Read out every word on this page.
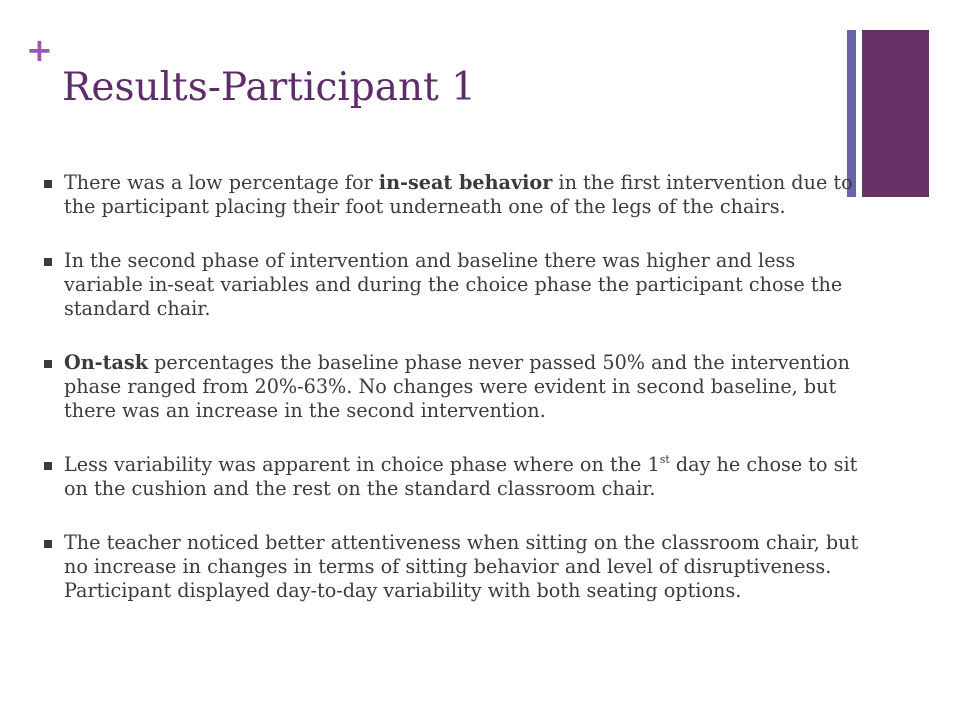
+
Results-Participant 1
There was a low percentage for in-seat behavior in the first intervention due to the participant placing their foot underneath one of the legs of the chairs.
In the second phase of intervention and baseline there was higher and less variable in-seat variables and during the choice phase the participant chose the standard chair.
On-task percentages the baseline phase never passed 50% and the intervention phase ranged from 20%-63%. No changes were evident in second baseline, but there was an increase in the second intervention.
Less variability was apparent in choice phase where on the 1st day he chose to sit on the cushion and the rest on the standard classroom chair.
The teacher noticed better attentiveness when sitting on the classroom chair, but no increase in changes in terms of sitting behavior and level of disruptiveness. Participant displayed day-to-day variability with both seating options.
